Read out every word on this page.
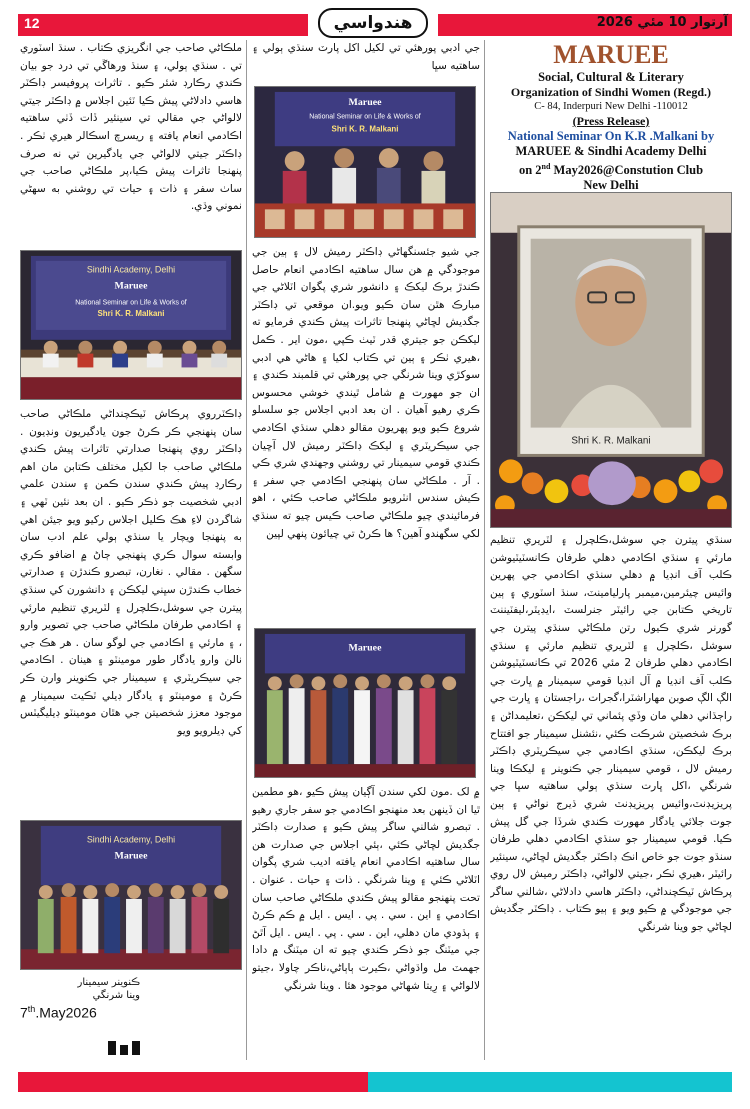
12	هندواسي	آرتوار 10 مئي 2026
ملڪاڻي صاحب جي انگريزي ڪتاب . سنڌ اسٽوري تي . سنڌي ٻولي، ۽ سنڌ ورهاڱي تي درد جو بيان ڪندي رڪارڊ شئر ڪيو . تاثرات پروفيسر ڊاڪٽر هاسي دادلاڻي پيش ڪيا ٽئين اجلاس ۾ ڊاڪٽر جيتي لالواڻي جي مقالي تي سينئير ڏات ڏٺي ساهتيه اڪادمي انعام يافته ۽ ريسرچ اسڪالر هيري ٺڪر . ڊاڪٽر جيتي لالواڻي جي يادگيرين تي نه صرف پنهنجا تاثرات پيش ڪيا،پر ملڪاڻي صاحب جي ساٺ سفر ۽ ذات ۽ حيات تي روشني به سهڻي نموني وڌي.
Sindhi Academy, Delhi
Maruee
National Seminar on Life & Works of
Shri K. R. Malkani
ڊاڪٽرروي پرڪاش ٽيڪچنداڻي ملڪاڻي صاحب سان پنهنجي ڪر ڪرڻ جون يادگيريون ونڊيون . ڊاڪٽر روي پنهنجا صدارتي تاثرات پيش ڪندي ملڪاڻي صاحب جا لکيل مختلف ڪتابن مان اهم رڪارڊ پيش ڪندي سندن ڪمن ۽ سندن علمي ادبي شخصيت جو ذڪر ڪيو . ان بعد نئين ٽهي ۽ شاگردن لاءِ هڪ ڪليل اجلاس رکيو ويو جيئن اهي به پنهنجا ويچار يا سنڌي ٻولي علم ادب سان وابسته سوال ڪري پنهنجي ڄاڻ ۾ اضافو ڪري سگهن . مقالي . نغارن، تبصرو ڪندڙن ۽ صدارتي خطاب ڪندڙن سڀني ليکڪن ۽ دانشورن کي سنڌي پيترن جي سوشل،ڪلچرل ۽ لٽريري تنظيم مارئي ۽ اڪادمي طرفان ملڪاڻي صاحب جي تصوير وارو ، ۽ مارئي ۽ اڪادمي جي لوگو سان . هر هڪ جي نالن وارو يادگار طور مومينٽو ۽ هينان . اڪادمي جي سيڪريٽري ۽ سيمينار جي ڪنوينر وارن ڪر ڪرڻ ۽ مومينٽو ۽ يادگار ڊيلي ٽڪيٽ سيمينار ۾ موجود معزز شخصيتن جي هٿان مومينٽو ڊيليگيٽس کي ڊيلرويو ويو
Sindhi Academy, Delhi
Maruee
ڪنوينر سيمينار
وينا شرنگي
7th.May2026
جي ادبي پورهئي تي لکيل اکل پارٽ سنڌي ٻولي ۽ ساهتيه سڀا
Maruee
National Seminar on Life & Works of
Shri K. R. Malkani
جي شيو جئسنگهاڻي ڊاڪٽر رميش لال ۽ ٻين جي موجودگي ۾ هن سال ساهتيه اڪادمي انعام حاصل ڪندڙ برڪ ليکڪ ۽ دانشور شري پگوان اٽلاڻي جي مبارڪ هٿن سان ڪيو ويو.ان موقعي تي ڊاڪٽر جگديش لڇاڻي پنهنجا تاثرات پيش ڪندي فرمايو ته ليکڪن جو جيتري قدر ٽيٺ ڪپي ،مون اير . ڪمل ،هيري ٺڪر ۽ ٻين تي ڪتاب لکيا ۽ هاڻي هي ادبي سوکڙي وينا شرنگي جي پورهئي تي قلمبند ڪندي ۽ ان جو مهورت ۾ شامل ٿيندي خوشي محسوس ڪري رهيو آهيان . ان بعد ادبي اجلاس جو سلسلو شروع ڪيو ويو پهريون مقالو دهلي سنڌي اڪادمي جي سيڪريٽري ۽ ليکڪ ڊاڪٽر رميش لال آڇيان ڪندي قومي سيمينار تي روشني وجهندي شري ڪي . آر . ملڪاڻي سان پنهنجي اڪادمي جي سفر ۽ ڪيش سندس انٽرويو ملڪاڻي صاحب ڪئي ، اهو فرمائيندي چيو ملڪاڻي صاحب ڪيس چيو ته سنڌي لکي سگهندو آهين؟ ها ڪرڻ تي چيائون پنهي لپين
Maruee
۾ لک .مون لکي سندن آڳيان پيش ڪيو ،هو مطمين ٿيا ان ڏينهن بعد منهنجو اڪادمي جو سفر جاري رهيو . تبصرو شالني ساگر پيش ڪيو ۽ صدارت ڊاڪٽر جگديش لڇاڻي ڪئي ،ٻئي اجلاس جي صدارت هن سال ساهتيه اڪادمي انعام يافته اديب شري پگوان اٽلاڻي ڪئي ۽ وينا شرنگي . ذات ۽ حيات . عنوان . تحت پنهنجو مقالو پيش ڪندي ملڪاڻي صاحب سان اڪادمي ۽ اين . سي . پي . ايس . ايل ۾ ڪم ڪرڻ ۽ ٻڌودي مان دهلي، اين . سي . پي . ايس . ايل آٿڻ جي ميٽنگ جو ذڪر ڪندي چيو ته ان ميٽنگ ۾ دادا جهمٽ مل واڌواڻي ،ڪيرت ٻاٻاڻي،ناڪر چاولا ،جيتو لالواڻي ۽ رِيتا شهاڻي موجود هئا . وينا شرنگي
MARUEE
Social, Cultural & Literary
Organization of Sindhi Women (Regd.)
C- 84, Inderpuri New Delhi -110012
(Press Release)
National Seminar On K.R .Malkani by
MARUEE & Sindhi Academy Delhi
on 2nd May2026@Constution Club
New Delhi
Shri K. R. Malkani
سنڌي پيترن جي سوشل،ڪلچرل ۽ لٽريري تنظيم مارئي ۽ سنڌي اڪادمي دهلي طرفان ڪانسٽيٽيوشن ڪلب آف انڊيا ۾ دهلي سنڌي اڪادمي جي پهرين وائيس چيئرمين،ميمبر پارليامينٽ، سنڌ اسٽوري ۽ ٻين تاريخي ڪتابن جي رائيٽر جنرلسٽ ،ايڊيٽر،ليفٽيننٽ گورنر شري ڪيول رتن ملڪاڻي سنڌي پيترن جي سوشل ،ڪلچرل ۽ لٽريري تنظيم مارئي ۽ سنڌي اڪادمي دهلي طرفان 2 مئي 2026 تي ڪانسٽيٽيوشن ڪلب آف انڊيا ۾ آل انڊيا قومي سيمينار ۾ ڀارت جي الڳ الڳ صوبن مهاراشٽرا،گجرات ،راجستان ۽ ڀارت جي راڄڌاني دهلي مان وڏي پئماني تي ليکڪن ،تعليمداڻن ۽ برڪ شخصيتن شرڪت ڪئي ،نئشنل سيمينار جو افتتاح برڪ ليکڪن، سنڌي اڪادمي جي سيڪريٽري ڊاڪٽر رميش لال ، قومي سيمينار جي ڪنوينر ۽ ليکڪا وينا شرنگي ،اکل ڀارت سنڌي ٻولي ساهتيه سڀا جي پريزيڊنٽ،وائيس پريزيڊنٽ شري ڌيرج نواڻي ۽ ٻين جوت جلائي يادگار مهورت ڪندي شرڏا جي گل پيش ڪيا. قومي سيمينار جو سنڌي اڪادمي دهلي طرفان سنڌو جوت جو خاص انڪ ڊاڪٽر جگديش لڇاڻي، سينئير رائيٽر ،هيري ٺڪر ،جيتي لالواڻي، ڊاڪٽر رميش لال روي پرڪاش ٽيڪچنداڻي، ڊاڪٽر هاسي دادلاڻي ،شالني ساگر جي موجودگي ۾ ڪيو ويو ۽ ٻيو ڪتاب . ڊاڪٽر جگديش لڇاڻي جو وينا شرنگي
